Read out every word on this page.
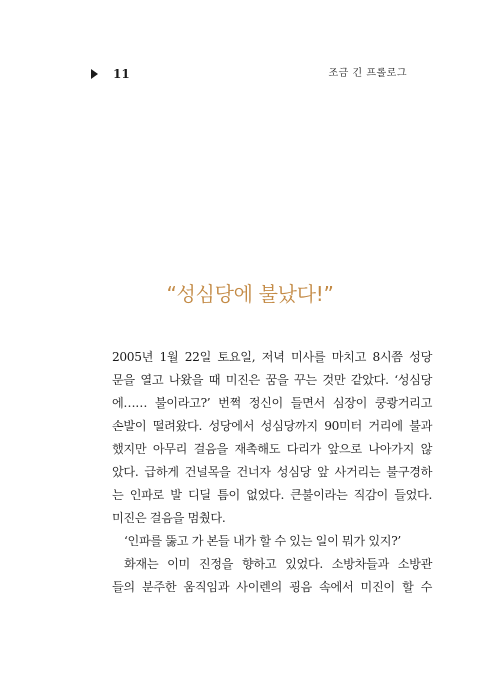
11	조금 긴 프롤로그
“성심당에 불났다!”
2005년 1월 22일 토요일, 저녁 미사를 마치고 8시쯤 성당
문을 열고 나왔을 때 미진은 꿈을 꾸는 것만 같았다. ‘성심당
에…… 불이라고?’ 번쩍 정신이 들면서 심장이 쿵쾅거리고
손발이 떨려왔다. 성당에서 성심당까지 90미터 거리에 불과
했지만 아무리 걸음을 재촉해도 다리가 앞으로 나아가지 않
았다. 급하게 건널목을 건너자 성심당 앞 사거리는 불구경하
는 인파로 발 디딜 틈이 없었다. 큰불이라는 직감이 들었다.
미진은 걸음을 멈췄다.
‘인파를 뚫고 가 본들 내가 할 수 있는 일이 뭐가 있지?’
화재는 이미 진정을 향하고 있었다. 소방차들과 소방관
들의 분주한 움직임과 사이렌의 굉음 속에서 미진이 할 수
